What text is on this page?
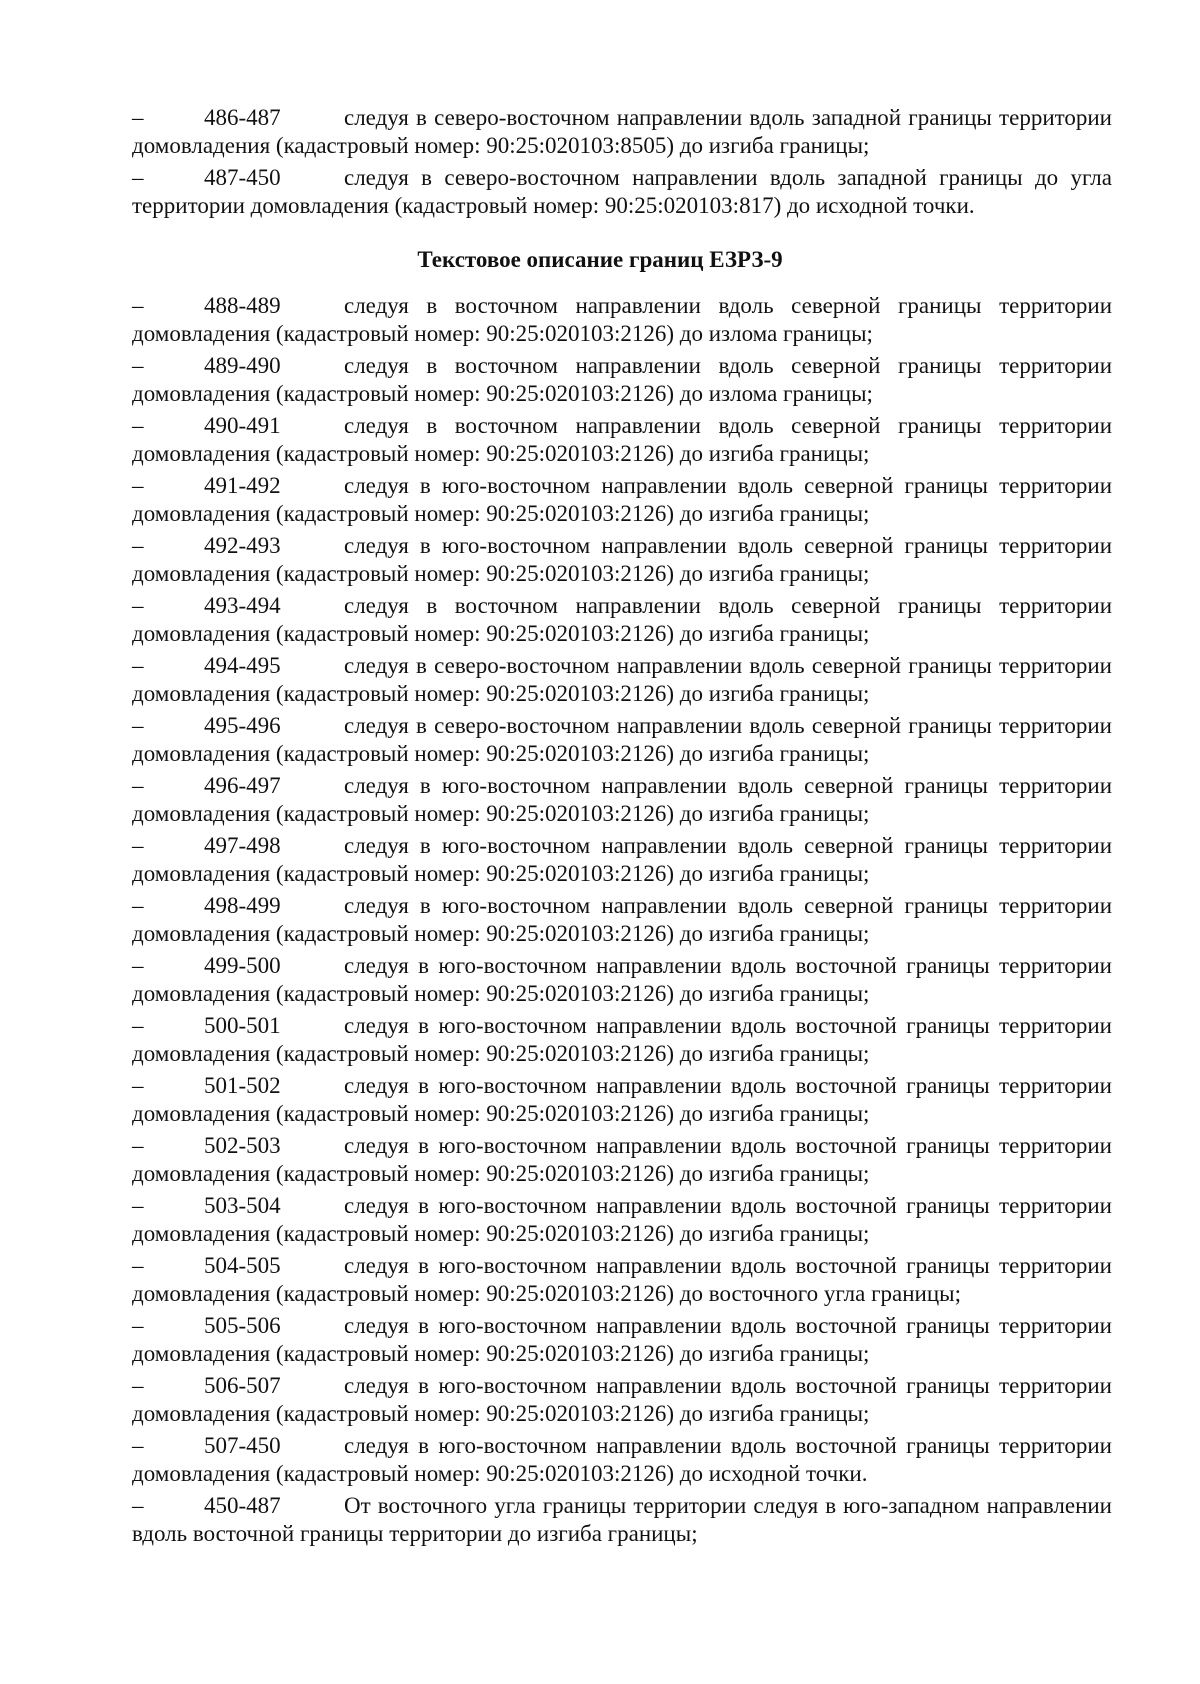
–	486-487	следуя в северо-восточном направлении вдоль западной границы территории домовладения (кадастровый номер: 90:25:020103:8505) до изгиба границы;

–	487-450	следуя в северо-восточном направлении вдоль западной границы до угла территории домовладения (кадастровый номер: 90:25:020103:817) до исходной точки.

Текстовое описание границ ЕЗРЗ-9

–	488-489	следуя в восточном направлении вдоль северной границы территории домовладения (кадастровый номер: 90:25:020103:2126) до излома границы;

–	489-490	следуя в восточном направлении вдоль северной границы территории домовладения (кадастровый номер: 90:25:020103:2126) до излома границы;

–	490-491	следуя в восточном направлении вдоль северной границы территории домовладения (кадастровый номер: 90:25:020103:2126) до изгиба границы;

–	491-492	следуя в юго-восточном направлении вдоль северной границы территории домовладения (кадастровый номер: 90:25:020103:2126) до изгиба границы;

–	492-493	следуя в юго-восточном направлении вдоль северной границы территории домовладения (кадастровый номер: 90:25:020103:2126) до изгиба границы;

–	493-494	следуя в восточном направлении вдоль северной границы территории домовладения (кадастровый номер: 90:25:020103:2126) до изгиба границы;

–	494-495	следуя в северо-восточном направлении вдоль северной границы территории домовладения (кадастровый номер: 90:25:020103:2126) до изгиба границы;

–	495-496	следуя в северо-восточном направлении вдоль северной границы территории домовладения (кадастровый номер: 90:25:020103:2126) до изгиба границы;

–	496-497	следуя в юго-восточном направлении вдоль северной границы территории домовладения (кадастровый номер: 90:25:020103:2126) до изгиба границы;

–	497-498	следуя в юго-восточном направлении вдоль северной границы территории домовладения (кадастровый номер: 90:25:020103:2126) до изгиба границы;

–	498-499	следуя в юго-восточном направлении вдоль северной границы территории домовладения (кадастровый номер: 90:25:020103:2126) до изгиба границы;

–	499-500	следуя в юго-восточном направлении вдоль восточной границы территории домовладения (кадастровый номер: 90:25:020103:2126) до изгиба границы;

–	500-501	следуя в юго-восточном направлении вдоль восточной границы территории домовладения (кадастровый номер: 90:25:020103:2126) до изгиба границы;

–	501-502	следуя в юго-восточном направлении вдоль восточной границы территории домовладения (кадастровый номер: 90:25:020103:2126) до изгиба границы;

–	502-503	следуя в юго-восточном направлении вдоль восточной границы территории домовладения (кадастровый номер: 90:25:020103:2126) до изгиба границы;

–	503-504	следуя в юго-восточном направлении вдоль восточной границы территории домовладения (кадастровый номер: 90:25:020103:2126) до изгиба границы;

–	504-505	следуя в юго-восточном направлении вдоль восточной границы территории домовладения (кадастровый номер: 90:25:020103:2126) до восточного угла границы;

–	505-506	следуя в юго-восточном направлении вдоль восточной границы территории домовладения (кадастровый номер: 90:25:020103:2126) до изгиба границы;

–	506-507	следуя в юго-восточном направлении вдоль восточной границы территории домовладения (кадастровый номер: 90:25:020103:2126) до изгиба границы;

–	507-450	следуя в юго-восточном направлении вдоль восточной границы территории домовладения (кадастровый номер: 90:25:020103:2126) до исходной точки.

–	450-487	От восточного угла границы территории следуя в юго-западном направлении вдоль восточной границы территории до изгиба границы;
